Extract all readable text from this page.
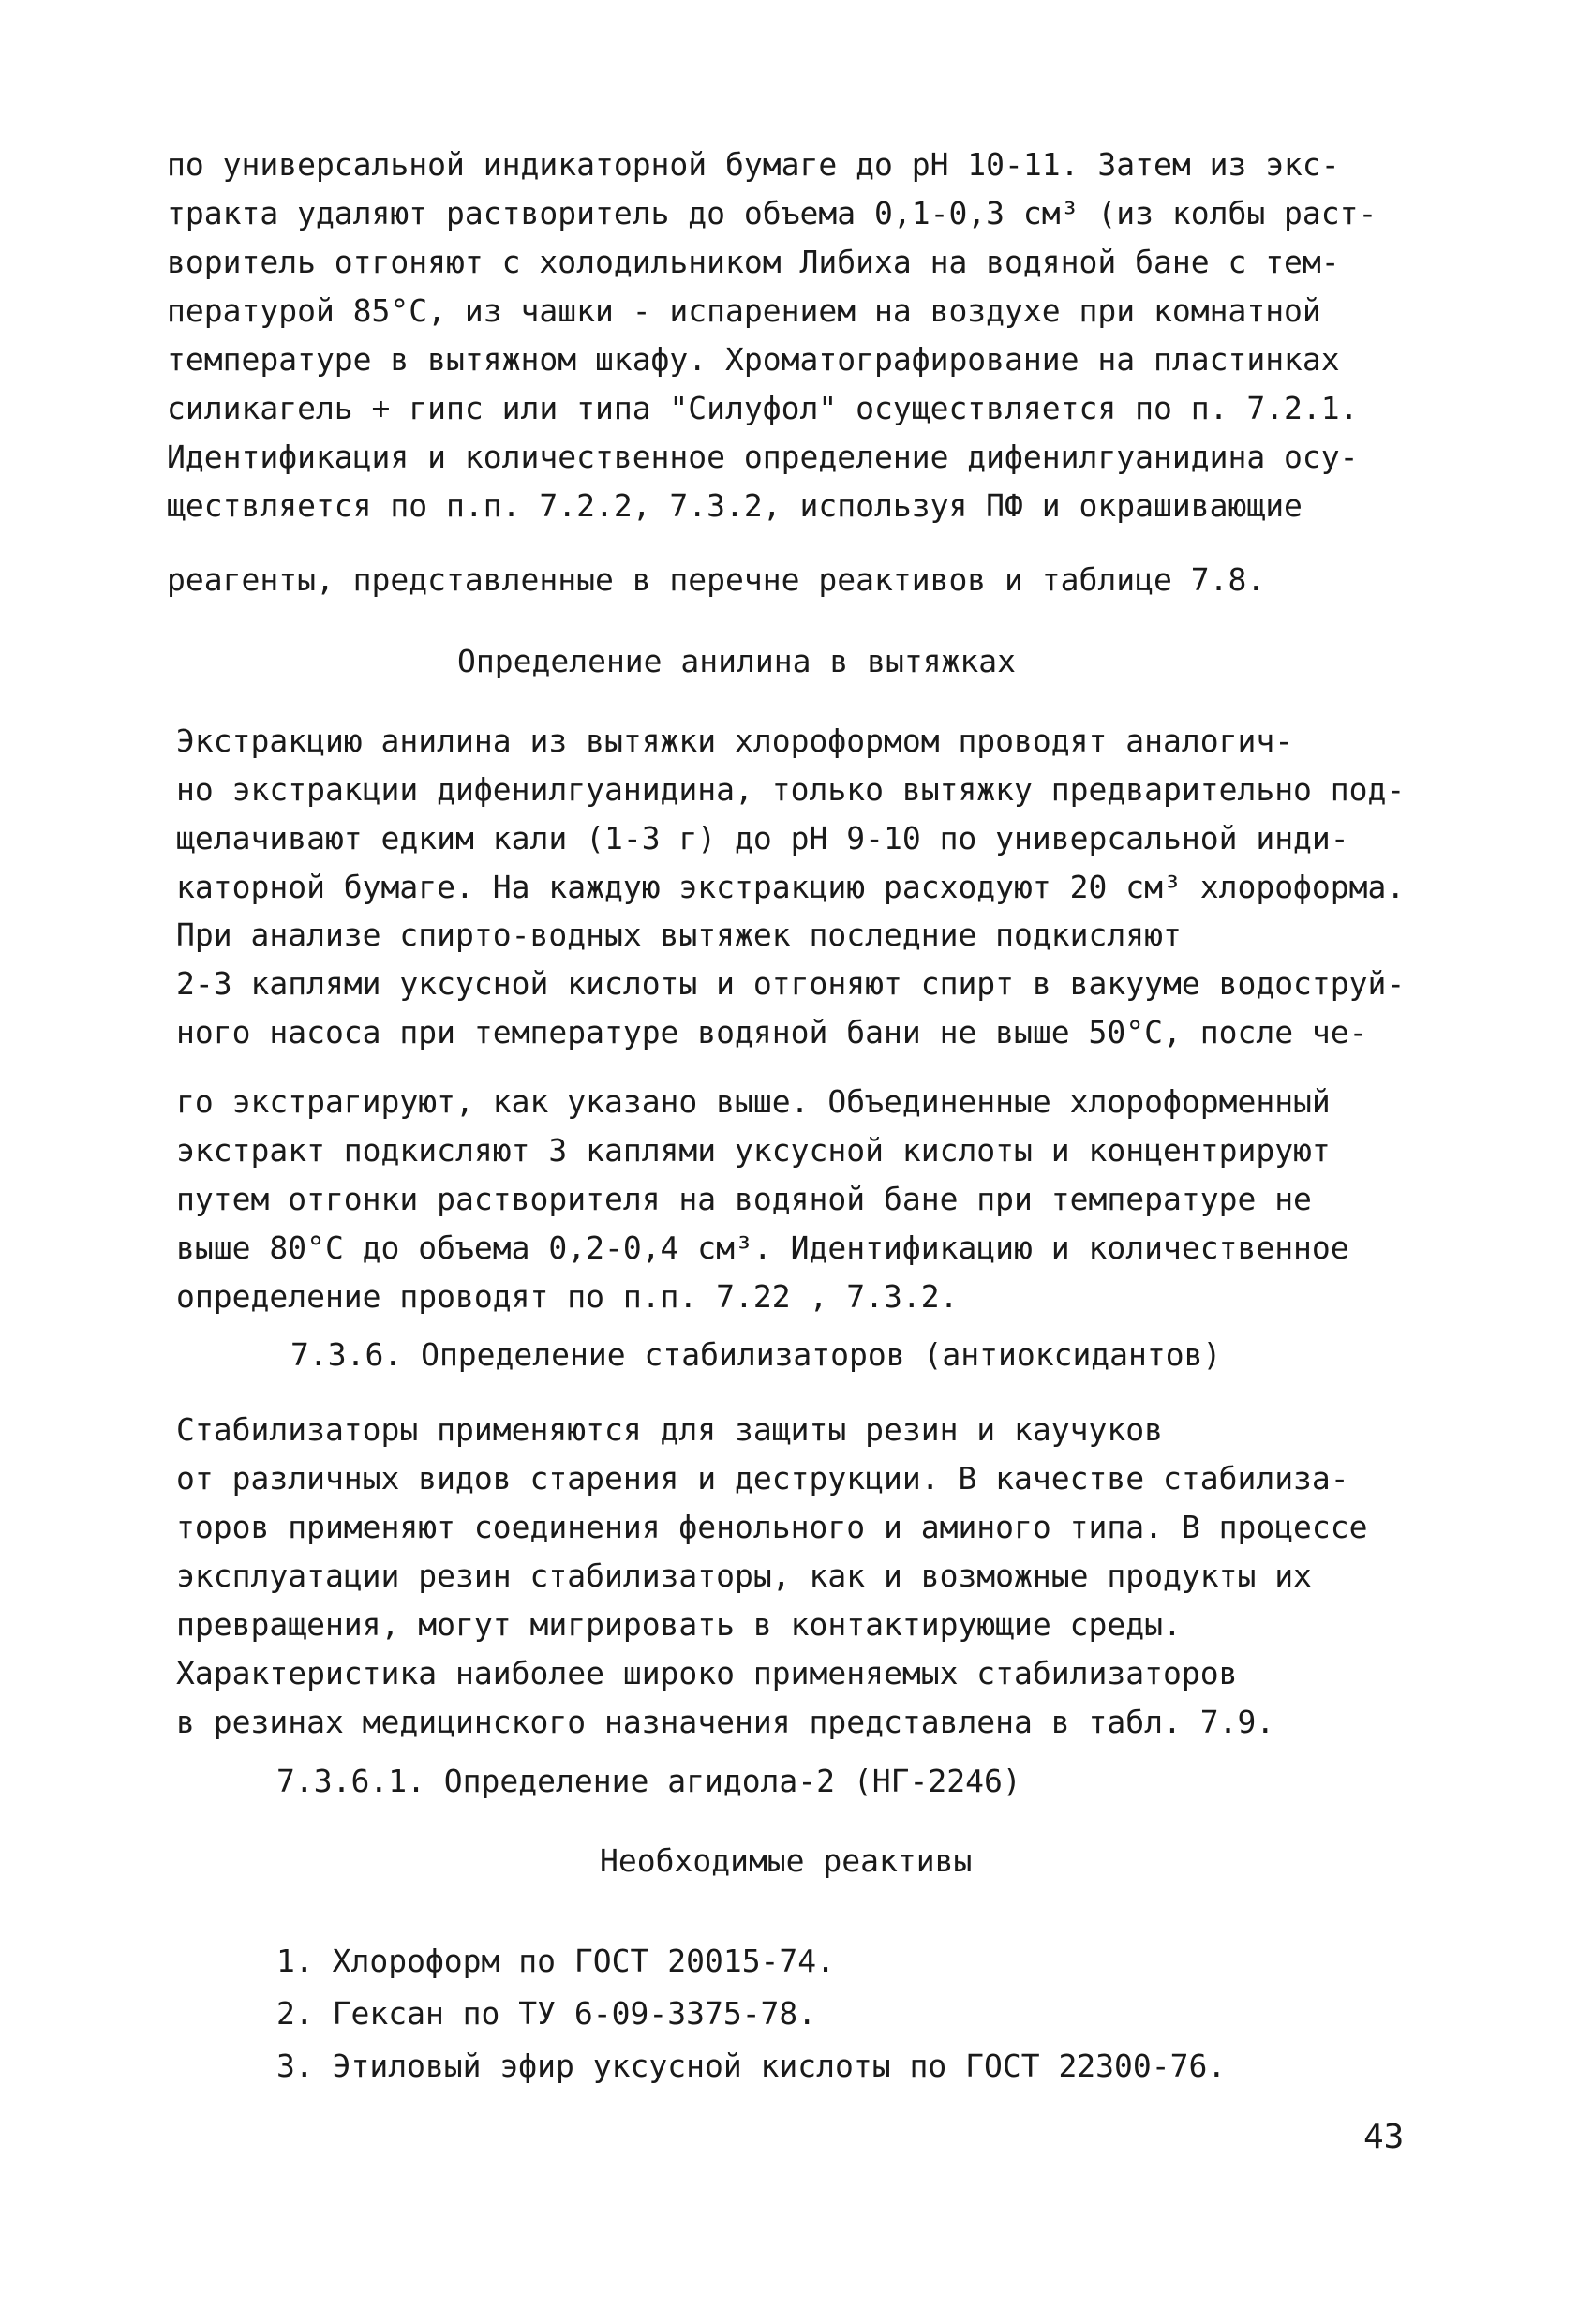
по универсальной индикаторной бумаге до рН 10-11. Затем из экс-
тракта удаляют растворитель до объема 0,1-0,3 см³ (из колбы раст-
воритель отгоняют с холодильником Либиха на водяной бане с тем-
пературой 85°С, из чашки - испарением на воздухе при комнатной
температуре в вытяжном шкафу. Хроматографирование на пластинках
силикагель + гипс или типа "Силуфол" осуществляется по п. 7.2.1.
Идентификация и количественное определение дифенилгуанидина осу-
ществляется по п.п. 7.2.2, 7.3.2, используя ПФ и окрашивающие
реагенты, представленные в перечне реактивов и таблице 7.8.
Определение анилина в вытяжках
Экстракцию анилина из вытяжки хлороформом проводят аналогич-
но экстракции дифенилгуанидина, только вытяжку предварительно под-
щелачивают едким кали (1-3 г) до рН 9-10 по универсальной инди-
каторной бумаге. На каждую экстракцию расходуют 20 см³ хлороформа.
При анализе спирто-водных вытяжек последние подкисляют
2-3 каплями уксусной кислоты и отгоняют спирт в вакууме водоструй-
ного насоса при температуре водяной бани не выше 50°С, после че-
го экстрагируют, как указано выше. Объединенные хлороформенный
экстракт подкисляют 3 каплями уксусной кислоты и концентрируют
путем отгонки растворителя на водяной бане при температуре не
выше 80°С до объема 0,2-0,4 см³. Идентификацию и количественное
определение проводят по п.п. 7.22 , 7.3.2.
7.3.6. Определение стабилизаторов (антиоксидантов)
Стабилизаторы применяются для защиты резин и каучуков
от различных видов старения и деструкции. В качестве стабилиза-
торов применяют соединения фенольного и аминого типа. В процессе
эксплуатации резин стабилизаторы, как и возможные продукты их
превращения, могут мигрировать в контактирующие среды.
Характеристика наиболее широко применяемых стабилизаторов
в резинах медицинского назначения представлена в табл. 7.9.
7.3.6.1. Определение агидола-2 (НГ-2246)
Необходимые реактивы
1. Хлороформ по ГОСТ 20015-74.
2. Гексан по ТУ 6-09-3375-78.
3. Этиловый эфир уксусной кислоты по ГОСТ 22300-76.
43
